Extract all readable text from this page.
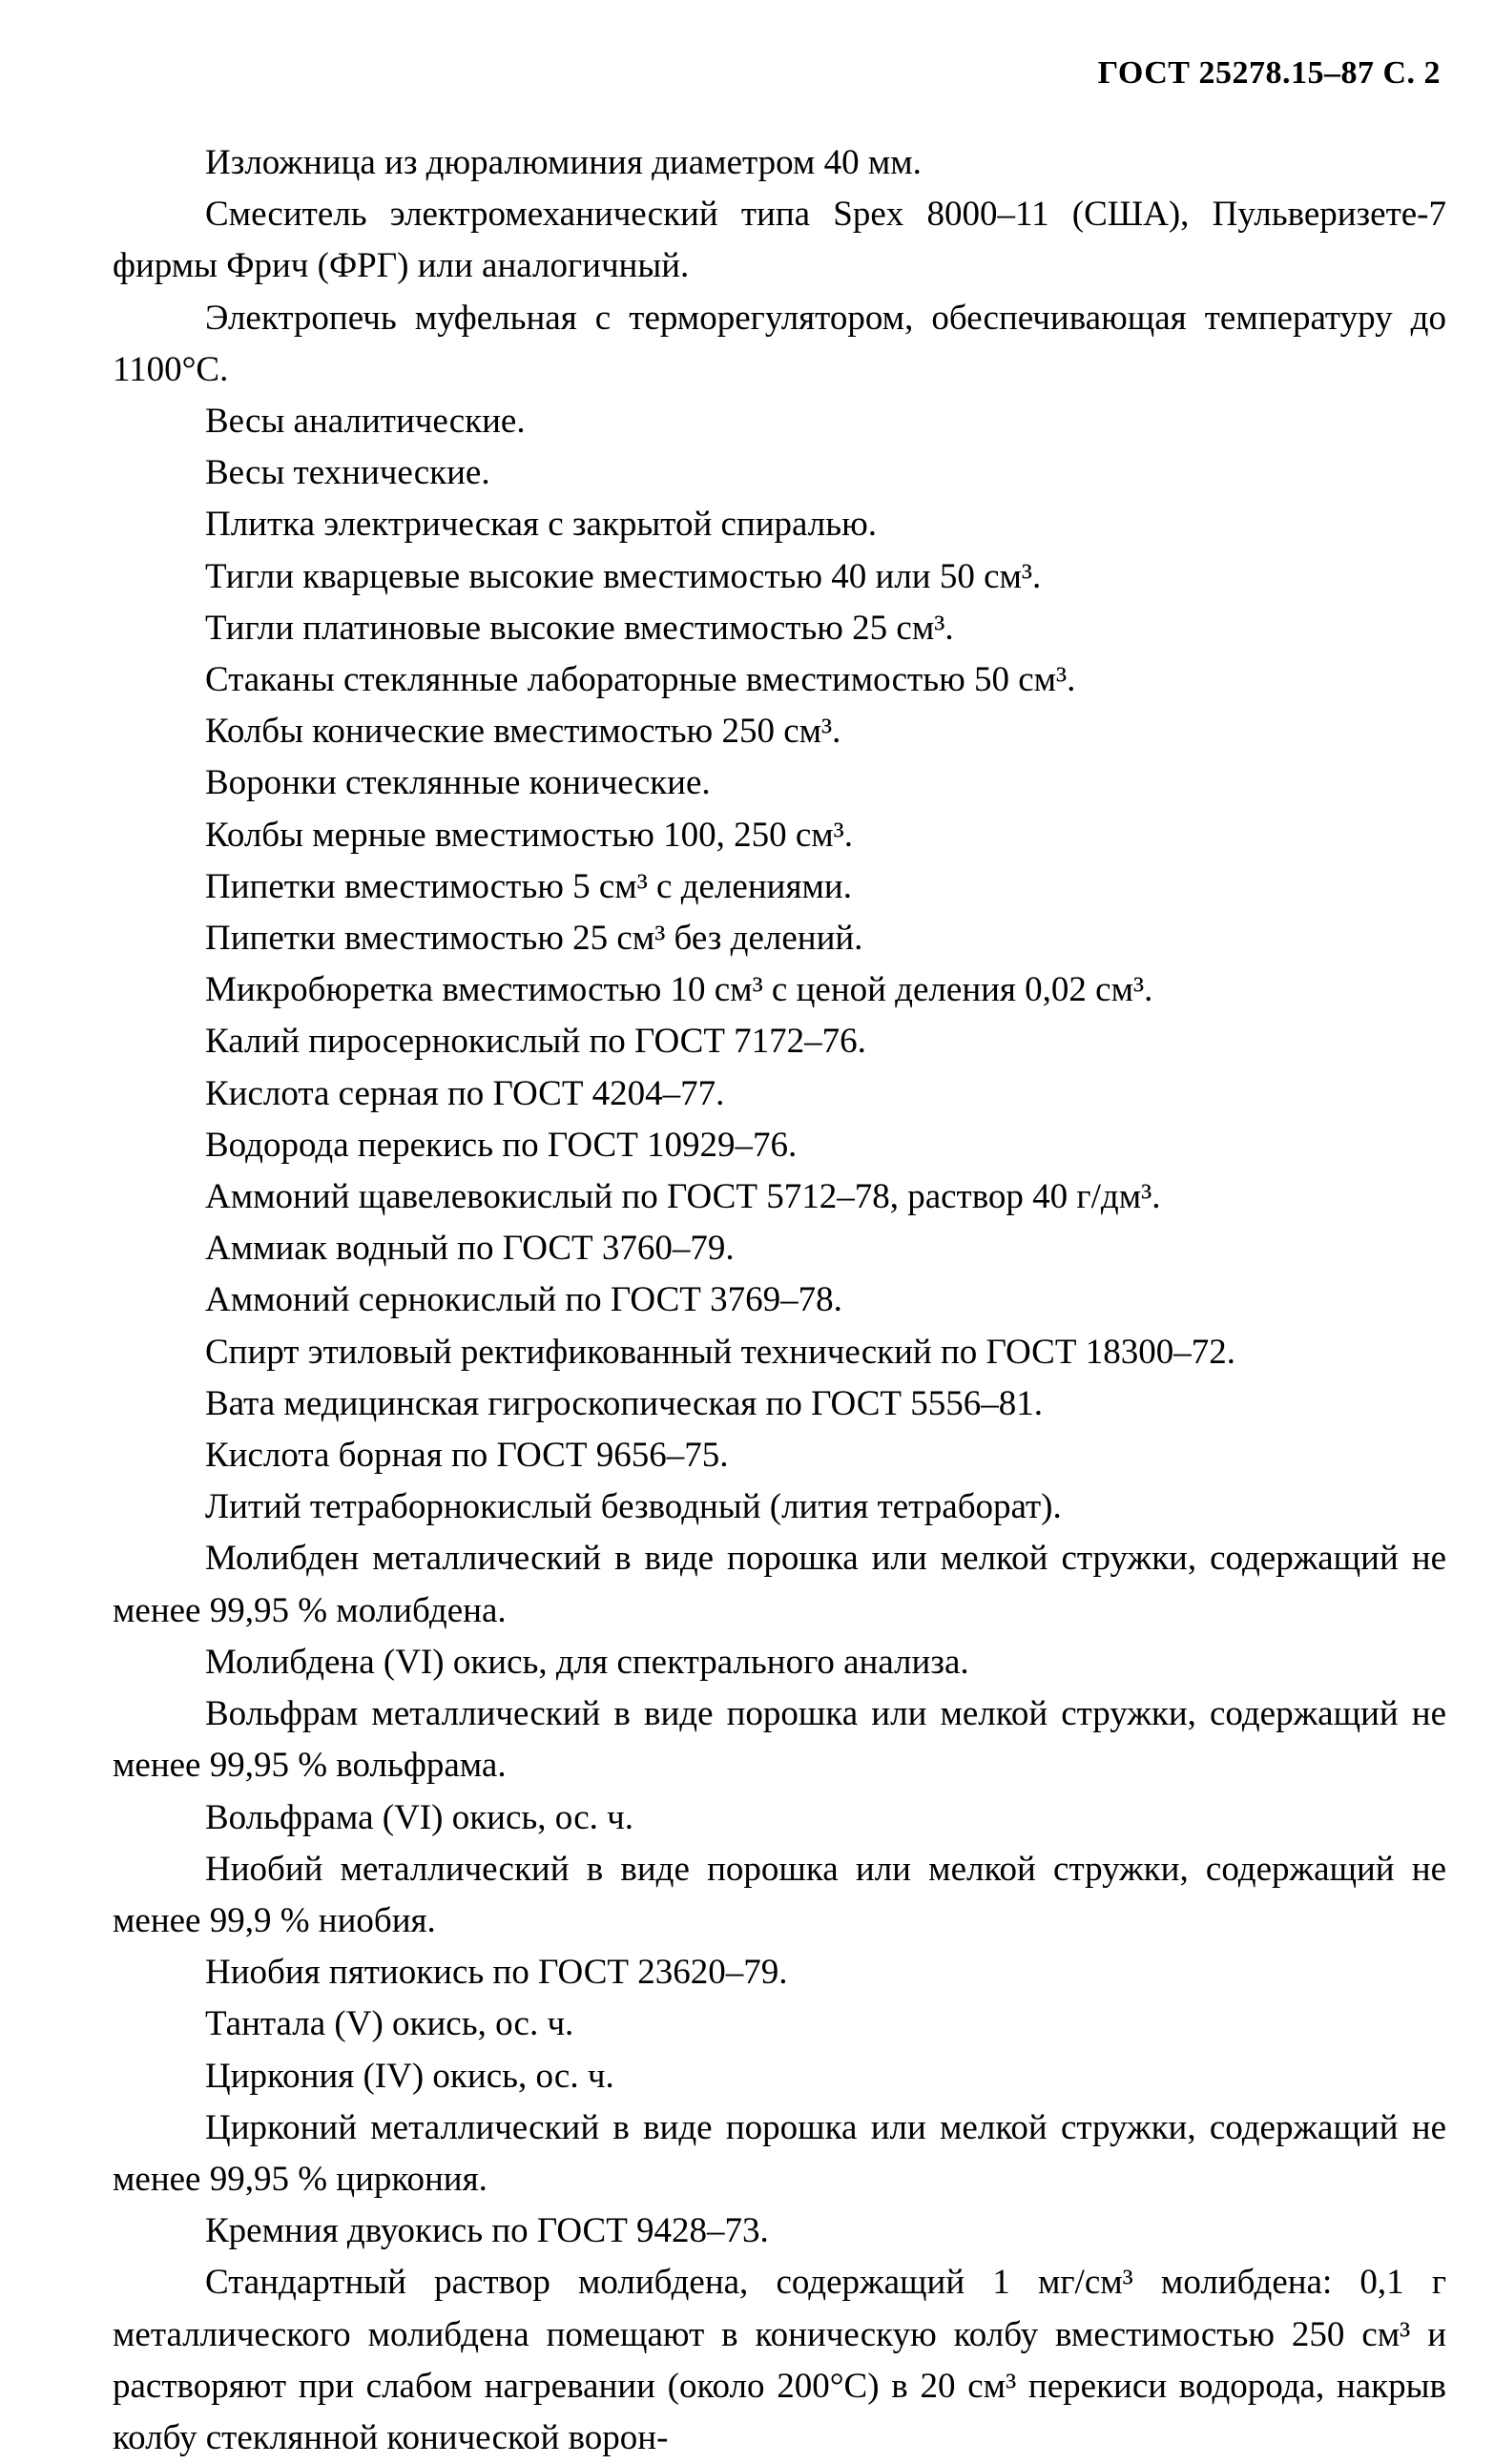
ГОСТ 25278.15–87 С. 2

Изложница из дюралюминия диаметром 40 мм.

Смеситель электромеханический типа Spex 8000–11 (США), Пульверизете-7 фирмы Фрич (ФРГ) или аналогичный.

Электропечь муфельная с терморегулятором, обеспечивающая температуру до 1100°С.

Весы аналитические.

Весы технические.

Плитка электрическая с закрытой спиралью.

Тигли кварцевые высокие вместимостью 40 или 50 см³.

Тигли платиновые высокие вместимостью 25 см³.

Стаканы стеклянные лабораторные вместимостью 50 см³.

Колбы конические вместимостью 250 см³.

Воронки стеклянные конические.

Колбы мерные вместимостью 100, 250 см³.

Пипетки вместимостью 5 см³ с делениями.

Пипетки вместимостью 25 см³ без делений.

Микробюретка вместимостью 10 см³ с ценой деления 0,02 см³.

Калий пиросернокислый по ГОСТ 7172–76.

Кислота серная по ГОСТ 4204–77.

Водорода перекись по ГОСТ 10929–76.

Аммоний щавелевокислый по ГОСТ 5712–78, раствор 40 г/дм³.

Аммиак водный по ГОСТ 3760–79.

Аммоний сернокислый по ГОСТ 3769–78.

Спирт этиловый ректификованный технический по ГОСТ 18300–72.

Вата медицинская гигроскопическая по ГОСТ 5556–81.

Кислота борная по ГОСТ 9656–75.

Литий тетраборнокислый безводный (лития тетраборат).

Молибден металлический в виде порошка или мелкой стружки, содержащий не менее 99,95 % молибдена.

Молибдена (VI) окись, для спектрального анализа.

Вольфрам металлический в виде порошка или мелкой стружки, содержащий не менее 99,95 % вольфрама.

Вольфрама (VI) окись, ос. ч.

Ниобий металлический в виде порошка или мелкой стружки, содержащий не менее 99,9 % ниобия.

Ниобия пятиокись по ГОСТ 23620–79.

Тантала (V) окись, ос. ч.

Циркония (IV) окись, ос. ч.

Цирконий металлический в виде порошка или мелкой стружки, содержащий не менее 99,95 % циркония.

Кремния двуокись по ГОСТ 9428–73.

Стандартный раствор молибдена, содержащий 1 мг/см³ молибдена: 0,1 г металлического молибдена помещают в коническую колбу вместимостью 250 см³ и растворяют при слабом нагревании (около 200°С) в 20 см³ перекиси водорода, накрыв колбу стеклянной конической ворон-
